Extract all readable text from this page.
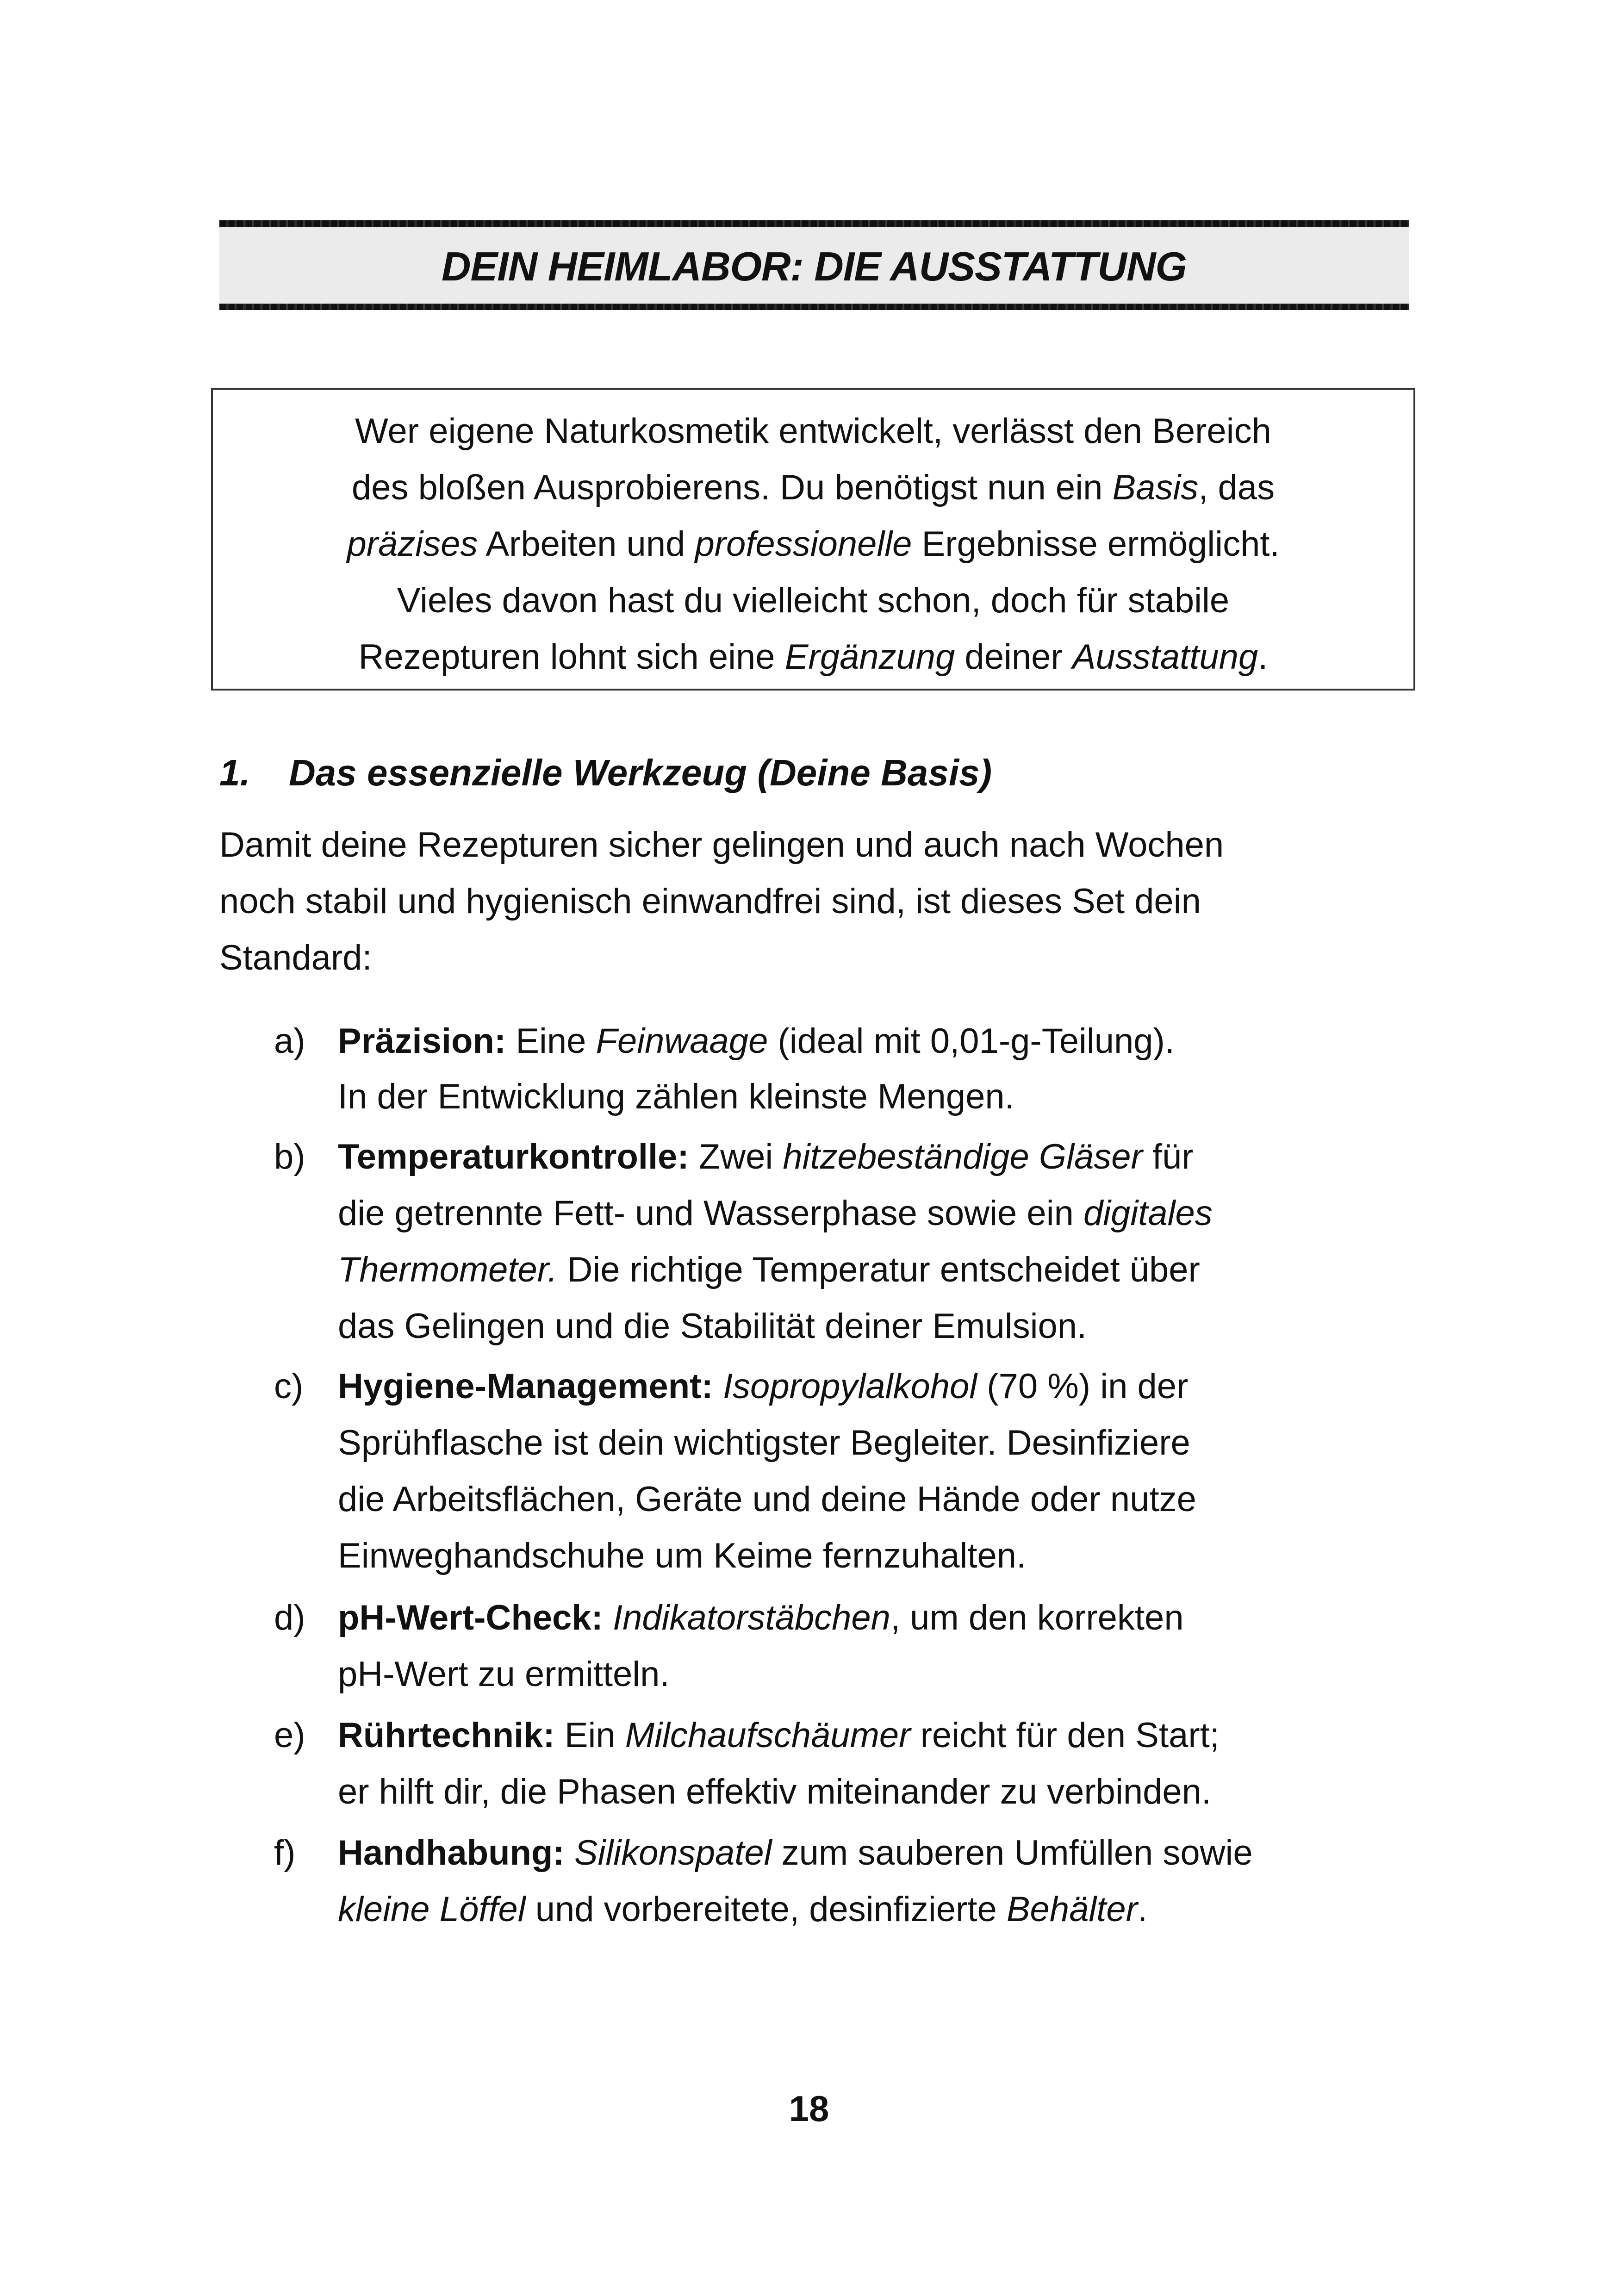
DEIN HEIMLABOR: DIE AUSSTATTUNG
Wer eigene Naturkosmetik entwickelt, verlässt den Bereich
des bloßen Ausprobierens. Du benötigst nun ein Basis, das
präzises Arbeiten und professionelle Ergebnisse ermöglicht.
Vieles davon hast du vielleicht schon, doch für stabile
Rezepturen lohnt sich eine Ergänzung deiner Ausstattung.
1. Das essenzielle Werkzeug (Deine Basis)
Damit deine Rezepturen sicher gelingen und auch nach Wochen
noch stabil und hygienisch einwandfrei sind, ist dieses Set dein
Standard:
a) Präzision: Eine Feinwaage (ideal mit 0,01-g-Teilung).
In der Entwicklung zählen kleinste Mengen.
b) Temperaturkontrolle: Zwei hitzebeständige Gläser für
die getrennte Fett- und Wasserphase sowie ein digitales
Thermometer. Die richtige Temperatur entscheidet über
das Gelingen und die Stabilität deiner Emulsion.
c) Hygiene-Management: Isopropylalkohol (70 %) in der
Sprühflasche ist dein wichtigster Begleiter. Desinfiziere
die Arbeitsflächen, Geräte und deine Hände oder nutze
Einweghandschuhe um Keime fernzuhalten.
d) pH-Wert-Check: Indikatorstäbchen, um den korrekten
pH-Wert zu ermitteln.
e) Rührtechnik: Ein Milchaufschäumer reicht für den Start;
er hilft dir, die Phasen effektiv miteinander zu verbinden.
f) Handhabung: Silikonspatel zum sauberen Umfüllen sowie
kleine Löffel und vorbereitete, desinfizierte Behälter.
18
